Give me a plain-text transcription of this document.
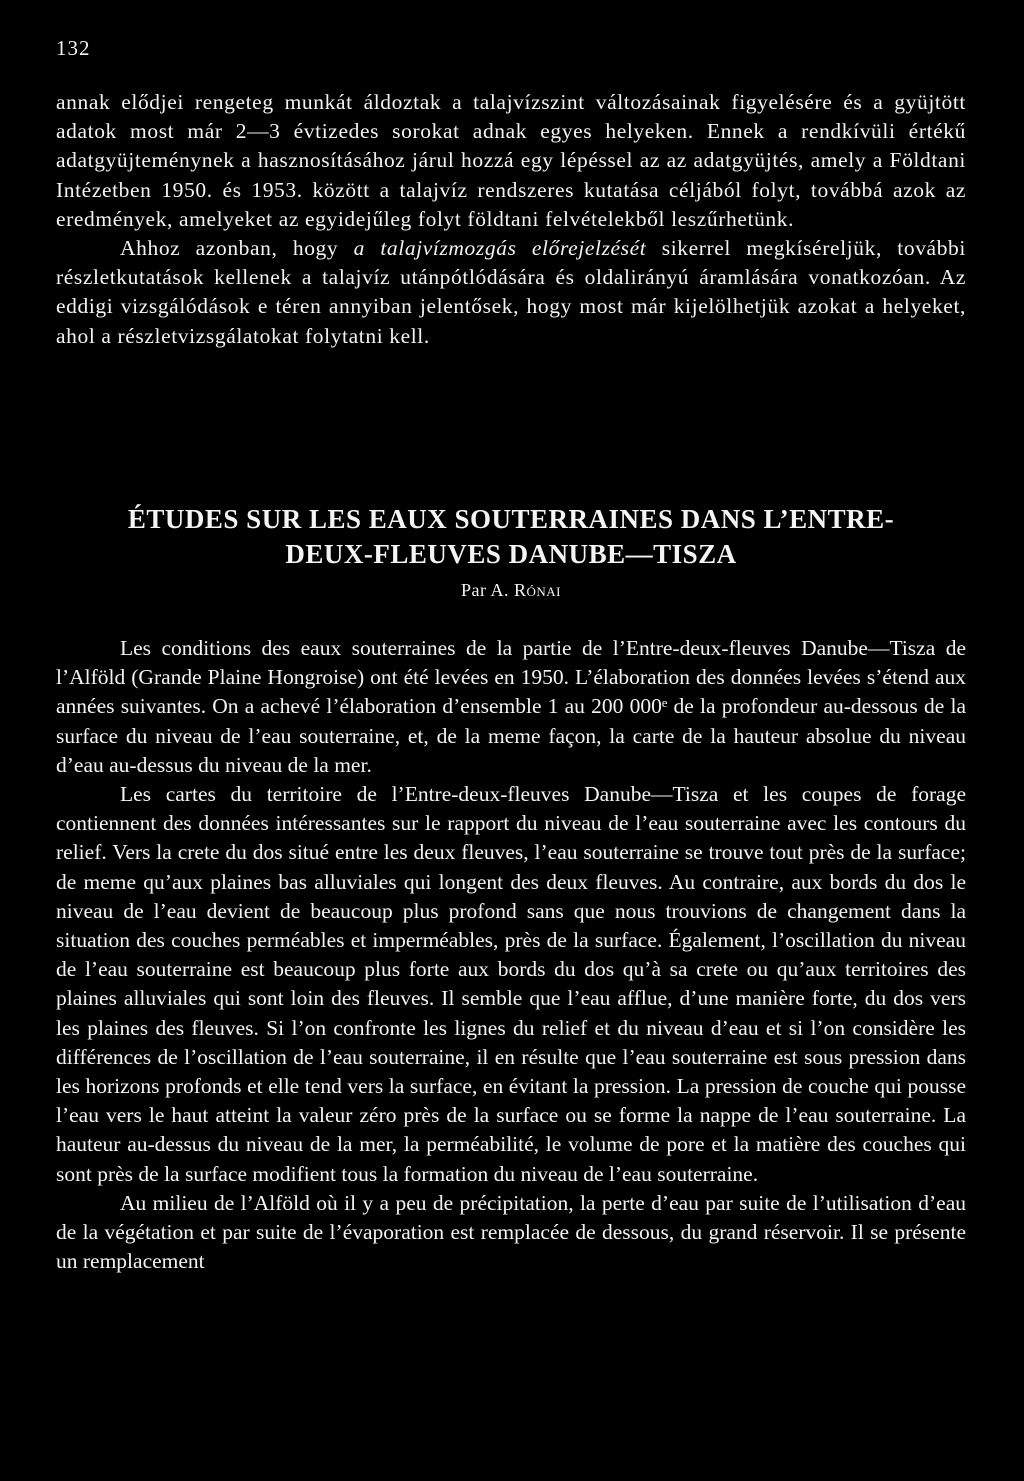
132

annak elődjei rengeteg munkát áldoztak a talajvízszint változásainak figyelésére és a gyüjtött adatok most már 2—3 évtizedes sorokat adnak egyes helyeken. Ennek a rendkívüli értékű adatgyüjteménynek a hasznosításához járul hozzá egy lépéssel az az adatgyüjtés, amely a Földtani Intézetben 1950. és 1953. között a talajvíz rendszeres kutatása céljából folyt, továbbá azok az eredmények, amelyeket az egyidejűleg folyt földtani felvételekből leszűrhetünk.

Ahhoz azonban, hogy a talajvízmozgás előrejelzését sikerrel megkíséreljük, további részletkutatások kellenek a talajvíz utánpótlódására és oldalirányú áramlására vonatkozóan. Az eddigi vizsgálódások e téren annyiban jelentősek, hogy most már kijelölhetjük azokat a helyeket, ahol a részletvizsgálatokat folytatni kell.

ÉTUDES SUR LES EAUX SOUTERRAINES DANS L’ENTRE-
DEUX-FLEUVES DANUBE—TISZA
Par A. Rónai

Les conditions des eaux souterraines de la partie de l’Entre-deux-fleuves Danube—Tisza de l’Alföld (Grande Plaine Hongroise) ont été levées en 1950. L’élaboration des données levées s’étend aux années suivantes. On a achevé l’élaboration d’ensemble 1 au 200 000ᵉ de la profondeur au-dessous de la surface du niveau de l’eau souterraine, et, de la meme façon, la carte de la hauteur absolue du niveau d’eau au-dessus du niveau de la mer.

Les cartes du territoire de l’Entre-deux-fleuves Danube—Tisza et les coupes de forage contiennent des données intéressantes sur le rapport du niveau de l’eau souterraine avec les contours du relief. Vers la crete du dos situé entre les deux fleuves, l’eau souterraine se trouve tout près de la surface; de meme qu’aux plaines bas alluviales qui longent des deux fleuves. Au contraire, aux bords du dos le niveau de l’eau devient de beaucoup plus profond sans que nous trouvions de changement dans la situation des couches perméables et imperméables, près de la surface. Également, l’oscillation du niveau de l’eau souterraine est beaucoup plus forte aux bords du dos qu’à sa crete ou qu’aux territoires des plaines alluviales qui sont loin des fleuves. Il semble que l’eau afflue, d’une manière forte, du dos vers les plaines des fleuves. Si l’on confronte les lignes du relief et du niveau d’eau et si l’on considère les différences de l’oscillation de l’eau souterraine, il en résulte que l’eau souterraine est sous pression dans les horizons profonds et elle tend vers la surface, en évitant la pression. La pression de couche qui pousse l’eau vers le haut atteint la valeur zéro près de la surface ou se forme la nappe de l’eau souterraine. La hauteur au-dessus du niveau de la mer, la perméabilité, le volume de pore et la matière des couches qui sont près de la surface modifient tous la formation du niveau de l’eau souterraine.

Au milieu de l’Alföld où il y a peu de précipitation, la perte d’eau par suite de l’utilisation d’eau de la végétation et par suite de l’évaporation est remplacée de dessous, du grand réservoir. Il se présente un remplacement
